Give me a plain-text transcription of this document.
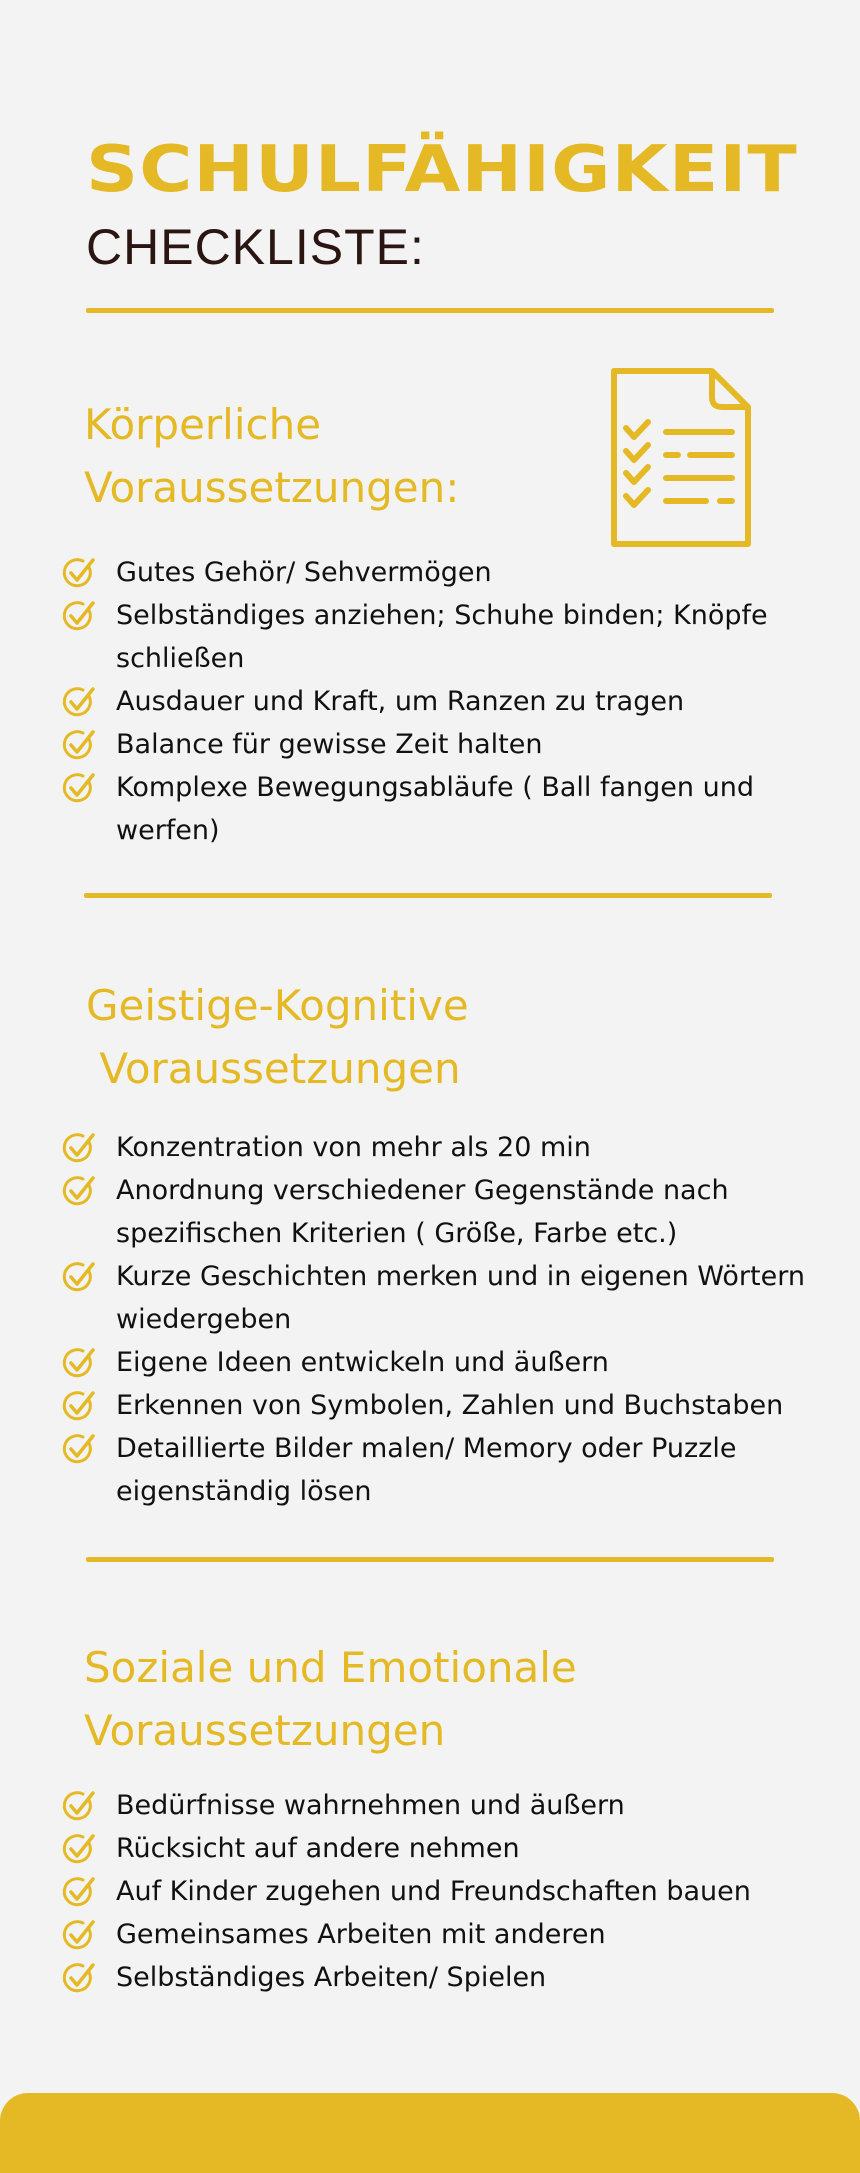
SCHULFÄHIGKEIT
CHECKLISTE:
Körperliche
Voraussetzungen:
Gutes Gehör/ Sehvermögen
Selbständiges anziehen; Schuhe binden; Knöpfe schließen
Ausdauer und Kraft, um Ranzen zu tragen
Balance für gewisse Zeit halten
Komplexe Bewegungsabläufe ( Ball fangen und werfen)
Geistige-Kognitive
Voraussetzungen
Konzentration von mehr als 20 min
Anordnung verschiedener Gegenstände nach spezifischen Kriterien ( Größe, Farbe etc.)
Kurze Geschichten merken und in eigenen Wörtern wiedergeben
Eigene Ideen entwickeln und äußern
Erkennen von Symbolen, Zahlen und Buchstaben
Detaillierte Bilder malen/ Memory oder Puzzle eigenständig lösen
Soziale und Emotionale
Voraussetzungen
Bedürfnisse wahrnehmen und äußern
Rücksicht auf andere nehmen
Auf Kinder zugehen und Freundschaften bauen
Gemeinsames Arbeiten mit anderen
Selbständiges Arbeiten/ Spielen
